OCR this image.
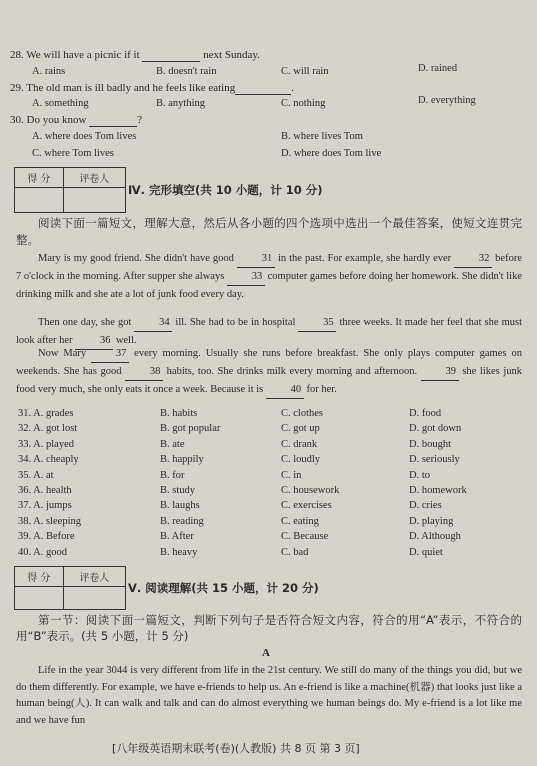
28. We will have a picnic if it	next Sunday.
A. rains	B. doesn't rain	C. will rain	D. rained
29. The old man is ill badly and he feels like eating	.
A. something	B. anything	C. nothing	D. everything
30. Do you know	?
A. where does Tom lives	B. where lives Tom
C. where Tom lives	D. where does Tom live
得 分	评卷人

Ⅳ. 完形填空(共 10 小题，计 10 分)
阅读下面一篇短文，理解大意，然后从各小题的四个选项中选出一个最佳答案，使短文连贯完整。
Mary is my good friend. She didn't have good 31 in the past. For example, she hardly ever 32 before 7 o'clock in the morning. After supper she always 33 computer games before doing her homework. She didn't like drinking milk and she ate a lot of junk food every day.
Then one day, she got 34 ill. She had to be in hospital 35 three weeks. It made her feel that she must look after her 36 well.
Now Mary 37 every morning. Usually she runs before breakfast. She only plays computer games on weekends. She has good 38 habits, too. She drinks milk every morning and afternoon. 39 she likes junk food very much, she only eats it once a week. Because it is 40 for her.
31. A. grades	B. habits	C. clothes	D. food
32. A. got lost	B. got popular	C. got up	D. got down
33. A. played	B. ate	C. drank	D. bought
34. A. cheaply	B. happily	C. loudly	D. seriously
35. A. at	B. for	C. in	D. to
36. A. health	B. study	C. housework	D. homework
37. A. jumps	B. laughs	C. exercises	D. cries
38. A. sleeping	B. reading	C. eating	D. playing
39. A. Before	B. After	C. Because	D. Although
40. A. good	B. heavy	C. bad	D. quiet
得 分	评卷人

Ⅴ. 阅读理解(共 15 小题，计 20 分)
第一节：阅读下面一篇短文，判断下列句子是否符合短文内容，符合的用“A”表示，不符合的用“B”表示。(共 5 小题，计 5 分)
A
Life in the year 3044 is very different from life in the 21st century. We still do many of the things you did, but we do them differently. For example, we have e-friends to help us. An e-friend is like a machine(机器) that looks just like a human being(人). It can walk and talk and can do almost everything we human beings do. My e-friend is a lot like me and we have fun
[八年级英语期末联考(卷)(人教版) 共 8 页 第 3 页]
